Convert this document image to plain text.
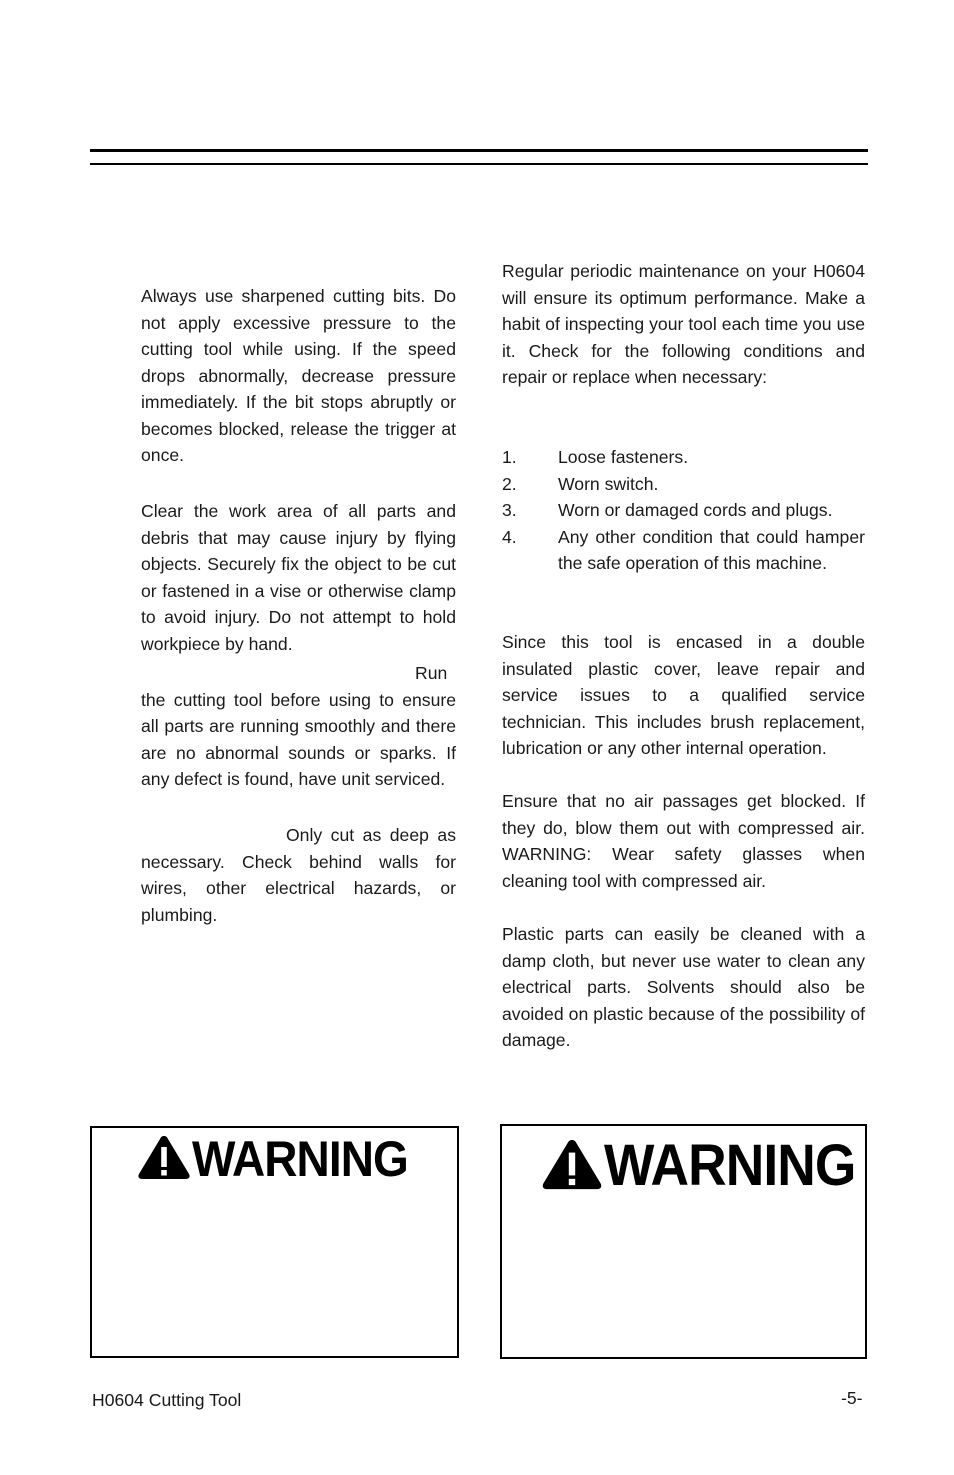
Always use sharpened cutting bits. Do not apply excessive pressure to the cutting tool while using. If the speed drops abnormally, decrease pressure immediately. If the bit stops abruptly or becomes blocked, release the trigger at once.

Clear the work area of all parts and debris that may cause injury by flying objects. Securely fix the object to be cut or fastened in a vise or otherwise clamp to avoid injury. Do not attempt to hold workpiece by hand.

Run the cutting tool before using to ensure all parts are running smoothly and there are no abnormal sounds or sparks. If any defect is found, have unit serviced.

Only cut as deep as necessary. Check behind walls for wires, other electrical hazards, or plumbing.

Regular periodic maintenance on your H0604 will ensure its optimum performance. Make a habit of inspecting your tool each time you use it. Check for the following conditions and repair or replace when necessary:

1.	Loose fasteners.
2.	Worn switch.
3.	Worn or damaged cords and plugs.
4.	Any other condition that could hamper the safe operation of this machine.

Since this tool is encased in a double insulated plastic cover, leave repair and service issues to a qualified service technician. This includes brush replacement, lubrication or any other internal operation.

Ensure that no air passages get blocked. If they do, blow them out with compressed air. WARNING: Wear safety glasses when cleaning tool with compressed air.

Plastic parts can easily be cleaned with a damp cloth, but never use water to clean any electrical parts. Solvents should also be avoided on plastic because of the possibility of damage.

WARNING	WARNING
H0604 Cutting Tool	-5-
